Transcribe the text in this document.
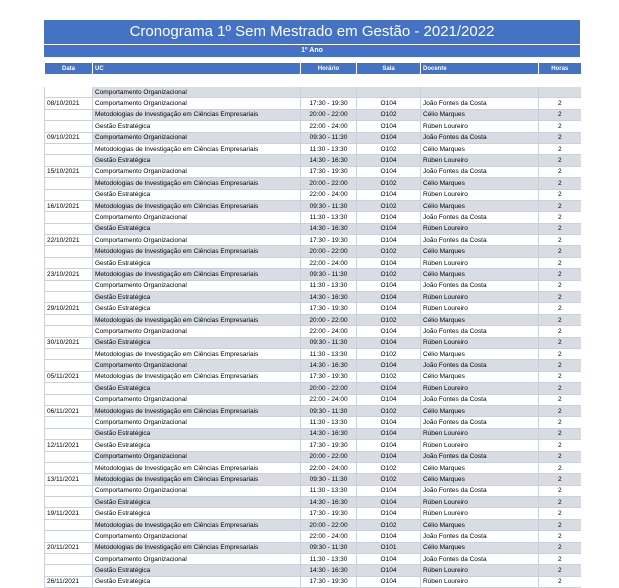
Cronograma 1º Sem Mestrado em Gestão - 2021/2022
1º Ano
Data	UC	Horário	Sala	Docente	Horas
	Comportamento Organizacional				
08/10/2021	Comportamento Organizacional	17:30 - 19:30	O104	João Fontes da Costa	2
	Metodologias de Investigação em Ciências Empresariais	20:00 - 22:00	O102	Célio Marques	2
	Gestão Estratégica	22:00 - 24:00	O104	Rúben Loureiro	2
09/10/2021	Comportamento Organizacional	09:30 - 11:30	O104	João Fontes da Costa	2
	Metodologias de Investigação em Ciências Empresariais	11:30 - 13:30	O102	Célio Marques	2
	Gestão Estratégica	14:30 - 16:30	O104	Rúben Loureiro	2
15/10/2021	Comportamento Organizacional	17:30 - 19:30	O104	João Fontes da Costa	2
	Metodologias de Investigação em Ciências Empresariais	20:00 - 22:00	O102	Célio Marques	2
	Gestão Estratégica	22:00 - 24:00	O104	Rúben Loureiro	2
16/10/2021	Metodologias de Investigação em Ciências Empresariais	09:30 - 11:30	O102	Célio Marques	2
	Comportamento Organizacional	11:30 - 13:30	O104	João Fontes da Costa	2
	Gestão Estratégica	14:30 - 16:30	O104	Rúben Loureiro	2
22/10/2021	Comportamento Organizacional	17:30 - 19:30	O104	João Fontes da Costa	2
	Metodologias de Investigação em Ciências Empresariais	20:00 - 22:00	O102	Célio Marques	2
	Gestão Estratégica	22:00 - 24:00	O104	Rúben Loureiro	2
23/10/2021	Metodologias de Investigação em Ciências Empresariais	09:30 - 11:30	O102	Célio Marques	2
	Comportamento Organizacional	11:30 - 13:30	O104	João Fontes da Costa	2
	Gestão Estratégica	14:30 - 16:30	O104	Rúben Loureiro	2
29/10/2021	Gestão Estratégica	17:30 - 19:30	O104	Rúben Loureiro	2
	Metodologias de Investigação em Ciências Empresariais	20:00 - 22:00	O102	Célio Marques	2
	Comportamento Organizacional	22:00 - 24:00	O104	João Fontes da Costa	2
30/10/2021	Gestão Estratégica	09:30 - 11:30	O104	Rúben Loureiro	2
	Metodologias de Investigação em Ciências Empresariais	11:30 - 13:30	O102	Célio Marques	2
	Comportamento Organizacional	14:30 - 16:30	O104	João Fontes da Costa	2
05/11/2021	Metodologias de Investigação em Ciências Empresariais	17:30 - 19:30	O102	Célio Marques	2
	Gestão Estratégica	20:00 - 22:00	O104	Rúben Loureiro	2
	Comportamento Organizacional	22:00 - 24:00	O104	João Fontes da Costa	2
06/11/2021	Metodologias de Investigação em Ciências Empresariais	09:30 - 11:30	O102	Célio Marques	2
	Comportamento Organizacional	11:30 - 13:30	O104	João Fontes da Costa	2
	Gestão Estratégica	14:30 - 16:30	O104	Rúben Loureiro	2
12/11/2021	Gestão Estratégica	17:30 - 19:30	O104	Rúben Loureiro	2
	Comportamento Organizacional	20:00 - 22:00	O104	João Fontes da Costa	2
	Metodologias de Investigação em Ciências Empresariais	22:00 - 24:00	O102	Célio Marques	2
13/11/2021	Metodologias de Investigação em Ciências Empresariais	09:30 - 11:30	O102	Célio Marques	2
	Comportamento Organizacional	11:30 - 13:30	O104	João Fontes da Costa	2
	Gestão Estratégica	14:30 - 16:30	O104	Rúben Loureiro	2
19/11/2021	Gestão Estratégica	17:30 - 19:30	O104	Rúben Loureiro	2
	Metodologias de Investigação em Ciências Empresariais	20:00 - 22:00	O102	Célio Marques	2
	Comportamento Organizacional	22:00 - 24:00	O104	João Fontes da Costa	2
20/11/2021	Metodologias de Investigação em Ciências Empresariais	09:30 - 11:30	O101	Célio Marques	2
	Comportamento Organizacional	11:30 - 13:30	O104	João Fontes da Costa	2
	Gestão Estratégica	14:30 - 16:30	O104	Rúben Loureiro	2
26/11/2021	Gestão Estratégica	17:30 - 19:30	O104	Rúben Loureiro	2
